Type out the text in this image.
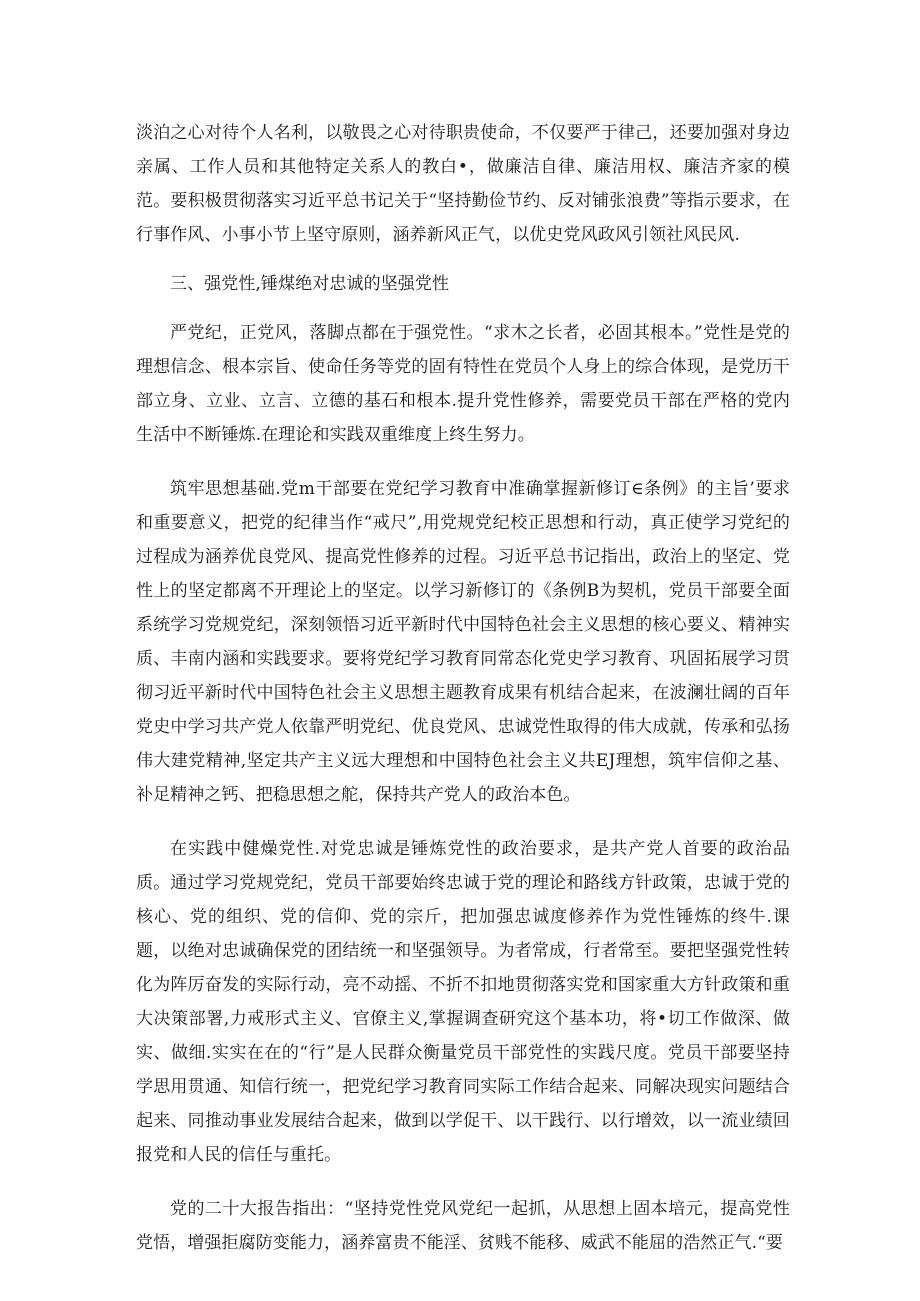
淡泊之心对待个人名利，以敬畏之心对待职贵使命，不仅要严于律己，还要加强对身边亲属、工作人员和其他特定关系人的教白•，做廉洁自律、廉洁用权、廉洁齐家的模范。要积极贯彻落实习近平总书记关于“坚持勤俭节约、反对铺张浪费”等指示要求，在行事作风、小事小节上坚守原则，涵养新风正气，以优史党风政风引领社风民风.

三、强党性,锤煤绝对忠诚的坚强党性

严党纪，正党风，落脚点都在于强党性。“求木之长者，必固其根本。”党性是党的理想信念、根本宗旨、使命任务等党的固有特性在党员个人身上的综合体现，是党历干部立身、立业、立言、立德的基石和根本.提升党性修养，需要党员干部在严格的党内生活中不断锤炼.在理论和实践双重维度上终生努力。

筑牢思想基础.党m干部要在党纪学习教育中准确掌握新修订∈条例》的主旨’要求和重要意义，把党的纪律当作“戒尺”,用党规党纪校正思想和行动，真正使学习党纪的过程成为涵养优良党风、提高党性修养的过程。习近平总书记指出，政治上的坚定、党性上的坚定都离不开理论上的坚定。以学习新修订的《条例B为契机，党员干部要全面系统学习党规党纪，深刻领悟习近平新时代中国特色社会主义思想的核心要义、精神实质、丰南内涵和实践要求。要将党纪学习教育同常态化党史学习教育、巩固拓展学习贯彻习近平新时代中国特色社会主义思想主题教育成果有机结合起来，在波澜壮阔的百年党史中学习共产党人依靠严明党纪、优良党风、忠诚党性取得的伟大成就，传承和弘扬伟大建党精神,坚定共产主义远大理想和中国特色社会主义共EJ理想，筑牢信仰之基、补足精神之钙、把稳思想之舵，保持共产党人的政治本色。

在实践中健燥党性.对党忠诚是锤炼党性的政治要求，是共产党人首要的政治品质。通过学习党规党纪，党员干部要始终忠诚于党的理论和路线方针政策，忠诚于党的核心、党的组织、党的信仰、党的宗斤，把加强忠诚度修养作为党性锤炼的终牛.课题，以绝对忠诚确保党的团结统一和坚强领导。为者常成，行者常至。要把坚强党性转化为阵厉奋发的实际行动，亮不动摇、不折不扣地贯彻落实党和国家重大方针政策和重大决策部署,力戒形式主义、官僚主义,掌握调查研究这个基本功，将•切工作做深、做实、做细.实实在在的“行”是人民群众衡量党员干部党性的实践尺度。党员干部要坚持学思用贯通、知信行统一，把党纪学习教育同实际工作结合起来、同解决现实问题结合起来、同推动事业发展结合起来，做到以学促干、以干践行、以行增效，以一流业绩回报党和人民的信任与重托。

党的二十大报告指出：“坚持党性党风党纪一起抓，从思想上固本培元，提高党性党悟，增强拒腐防变能力，涵养富贵不能淫、贫贱不能移、威武不能屈的浩然正气.“要
